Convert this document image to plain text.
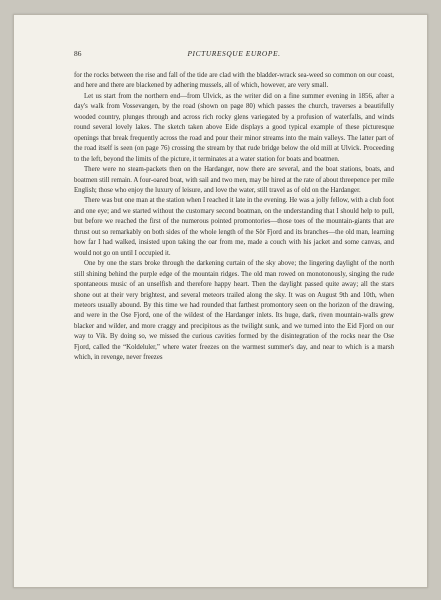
86	PICTURESQUE EUROPE.

for the rocks between the rise and fall of the tide are clad with the bladder-wrack sea-weed so common on our coast, and here and there are blackened by adhering mussels, all of which, however, are very small.

Let us start from the northern end—from Ulvick, as the writer did on a fine summer evening in 1856, after a day's walk from Vossevangen, by the road (shown on page 80) which passes the church, traverses a beautifully wooded country, plunges through and across rich rocky glens variegated by a profusion of waterfalls, and winds round several lovely lakes. The sketch taken above Eide displays a good typical example of these picturesque openings that break frequently across the road and pour their minor streams into the main valleys. The latter part of the road itself is seen (on page 76) crossing the stream by that rude bridge below the old mill at Ulvick. Proceeding to the left, beyond the limits of the picture, it terminates at a water station for boats and boatmen.

There were no steam-packets then on the Hardanger, now there are several, and the boat stations, boats, and boatmen still remain. A four-oared boat, with sail and two men, may be hired at the rate of about threepence per mile English; those who enjoy the luxury of leisure, and love the water, still travel as of old on the Hardanger.

There was but one man at the station when I reached it late in the evening. He was a jolly fellow, with a club foot and one eye; and we started without the customary second boatman, on the understanding that I should help to pull, but before we reached the first of the numerous pointed promontories—those toes of the mountain-giants that are thrust out so remarkably on both sides of the whole length of the Sör Fjord and its branches—the old man, learning how far I had walked, insisted upon taking the oar from me, made a couch with his jacket and some canvas, and would not go on until I occupied it.

One by one the stars broke through the darkening curtain of the sky above; the lingering daylight of the north still shining behind the purple edge of the mountain ridges. The old man rowed on monotonously, singing the rude spontaneous music of an unselfish and therefore happy heart. Then the daylight passed quite away; all the stars shone out at their very brightest, and several meteors trailed along the sky. It was on August 9th and 10th, when meteors usually abound. By this time we had rounded that farthest promontory seen on the horizon of the drawing, and were in the Ose Fjord, one of the wildest of the Hardanger inlets. Its huge, dark, riven mountain-walls grew blacker and wilder, and more craggy and precipitous as the twilight sunk, and we turned into the Eid Fjord on our way to Vik. By doing so, we missed the curious cavities formed by the disintegration of the rocks near the Ose Fjord, called the “Koldeluler,” where water freezes on the warmest summer's day, and near to which is a marsh which, in revenge, never freezes
